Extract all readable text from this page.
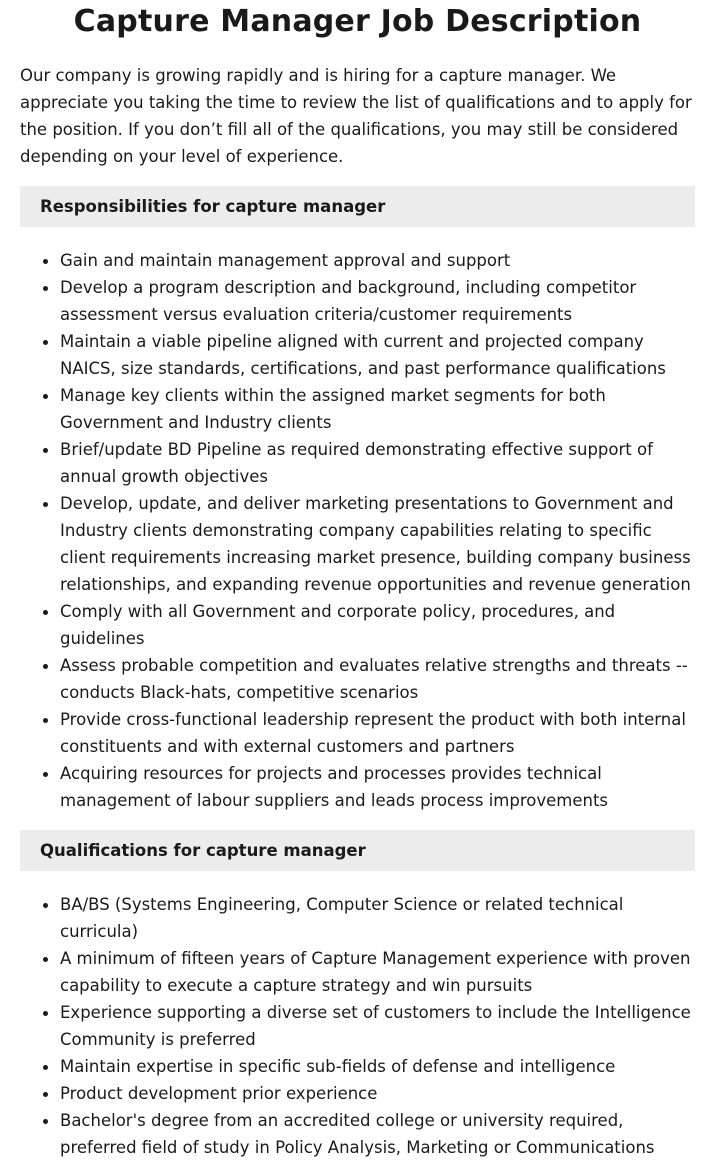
Capture Manager Job Description

Our company is growing rapidly and is hiring for a capture manager. We appreciate you taking the time to review the list of qualifications and to apply for the position. If you don’t fill all of the qualifications, you may still be considered depending on your level of experience.

Responsibilities for capture manager
Gain and maintain management approval and support
Develop a program description and background, including competitor assessment versus evaluation criteria/customer requirements
Maintain a viable pipeline aligned with current and projected company NAICS, size standards, certifications, and past performance qualifications
Manage key clients within the assigned market segments for both Government and Industry clients
Brief/update BD Pipeline as required demonstrating effective support of annual growth objectives
Develop, update, and deliver marketing presentations to Government and Industry clients demonstrating company capabilities relating to specific client requirements increasing market presence, building company business relationships, and expanding revenue opportunities and revenue generation
Comply with all Government and corporate policy, procedures, and guidelines
Assess probable competition and evaluates relative strengths and threats -- conducts Black-hats, competitive scenarios
Provide cross-functional leadership represent the product with both internal constituents and with external customers and partners
Acquiring resources for projects and processes provides technical management of labour suppliers and leads process improvements
Qualifications for capture manager
BA/BS (Systems Engineering, Computer Science or related technical curricula)
A minimum of fifteen years of Capture Management experience with proven capability to execute a capture strategy and win pursuits
Experience supporting a diverse set of customers to include the Intelligence Community is preferred
Maintain expertise in specific sub-fields of defense and intelligence
Product development prior experience
Bachelor's degree from an accredited college or university required, preferred field of study in Policy Analysis, Marketing or Communications
